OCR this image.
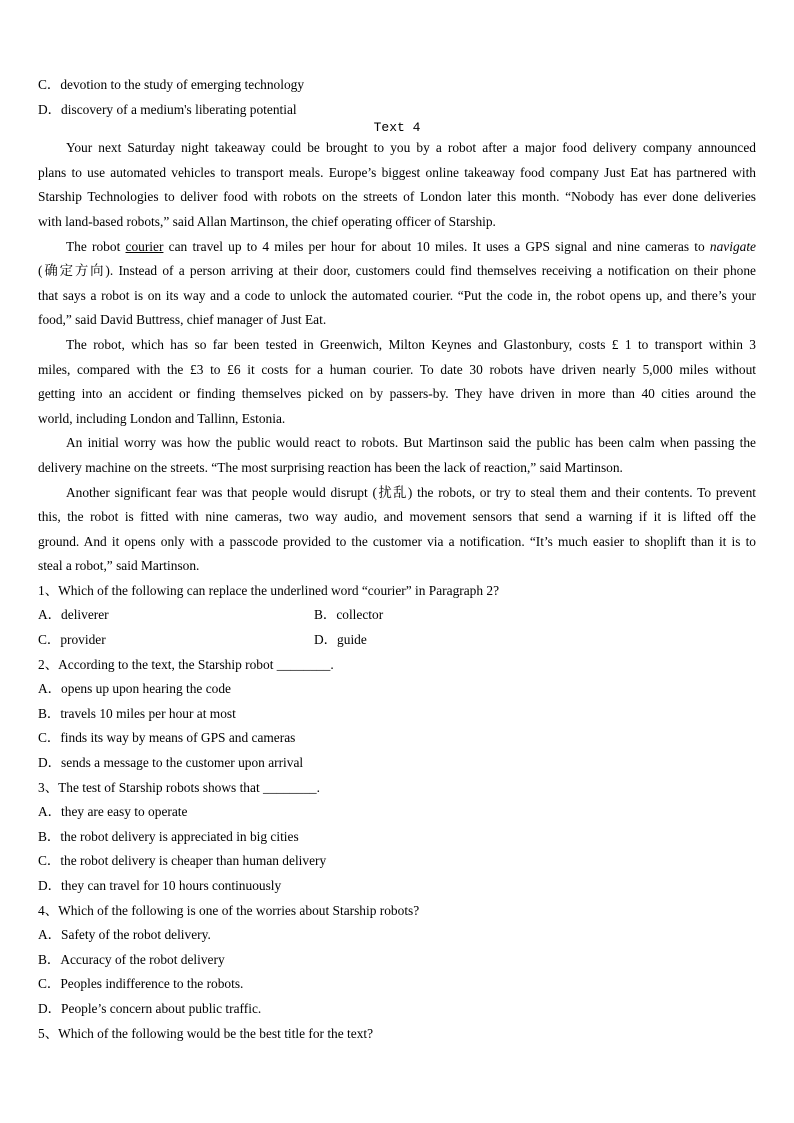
C．devotion to the study of emerging technology
D．discovery of a medium's liberating potential
Text 4
Your next Saturday night takeaway could be brought to you by a robot after a major food delivery company announced
plans to use automated vehicles to transport meals. Europe’s biggest online takeaway food company Just Eat has partnered with
Starship Technologies to deliver food with robots on the streets of London later this month. “Nobody has ever done deliveries
with land-based robots,” said Allan Martinson, the chief operating officer of Starship.
The robot courier can travel up to 4 miles per hour for about 10 miles. It uses a GPS signal and nine cameras to navigate
(确定方向). Instead of a person arriving at their door, customers could find themselves receiving a notification on their phone
that says a robot is on its way and a code to unlock the automated courier. “Put the code in, the robot opens up, and there’s your
food,” said David Buttress, chief manager of Just Eat.
The robot, which has so far been tested in Greenwich, Milton Keynes and Glastonbury, costs £ 1 to transport within 3
miles, compared with the £3 to £6 it costs for a human courier. To date 30 robots have driven nearly 5,000 miles without
getting into an accident or finding themselves picked on by passers-by. They have driven in more than 40 cities around the
world, including London and Tallinn, Estonia.
An initial worry was how the public would react to robots. But Martinson said the public has been calm when passing the
delivery machine on the streets. “The most surprising reaction has been the lack of reaction,” said Martinson.
Another significant fear was that people would disrupt (扰乱) the robots, or try to steal them and their contents. To prevent
this, the robot is fitted with nine cameras, two way audio, and movement sensors that send a warning if it is lifted off the
ground. And it opens only with a passcode provided to the customer via a notification. “It’s much easier to shoplift than it is to
steal a robot,” said Martinson.
1、Which of the following can replace the underlined word “courier” in Paragraph 2?
A．deliverer	B．collector
C．provider	D．guide
2、According to the text, the Starship robot ________.
A．opens up upon hearing the code
B．travels 10 miles per hour at most
C．finds its way by means of GPS and cameras
D．sends a message to the customer upon arrival
3、The test of Starship robots shows that ________.
A．they are easy to operate
B．the robot delivery is appreciated in big cities
C．the robot delivery is cheaper than human delivery
D．they can travel for 10 hours continuously
4、Which of the following is one of the worries about Starship robots?
A．Safety of the robot delivery.
B．Accuracy of the robot delivery
C．Peoples indifference to the robots.
D．People’s concern about public traffic.
5、Which of the following would be the best title for the text?
